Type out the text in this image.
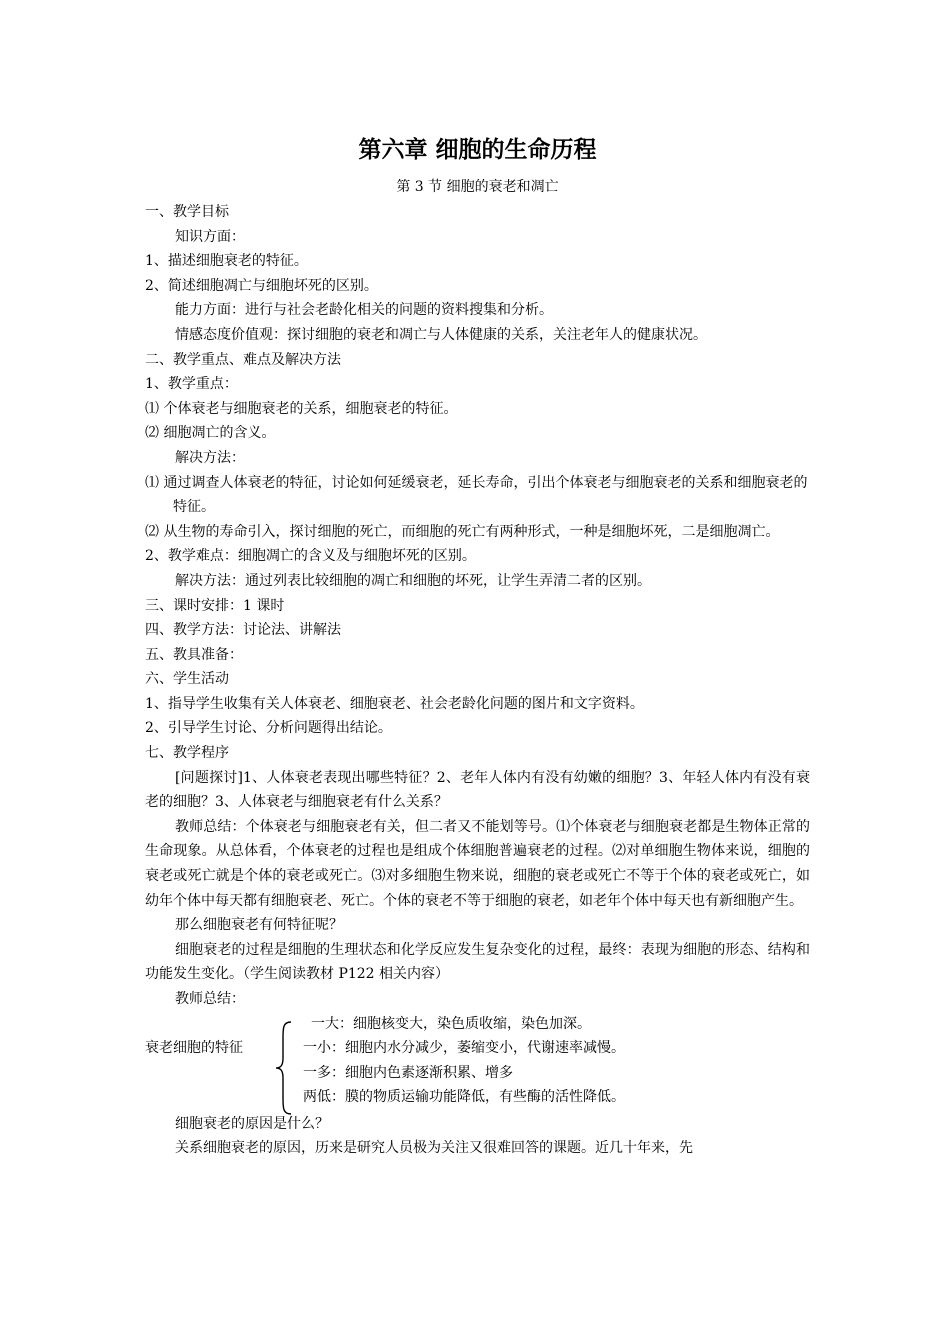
第六章 细胞的生命历程
第 3 节 细胞的衰老和凋亡
一、教学目标
知识方面：
1、描述细胞衰老的特征。
2、简述细胞凋亡与细胞坏死的区别。
能力方面：进行与社会老龄化相关的问题的资料搜集和分析。
情感态度价值观：探讨细胞的衰老和凋亡与人体健康的关系，关注老年人的健康状况。
二、教学重点、难点及解决方法
1、教学重点：
⑴ 个体衰老与细胞衰老的关系，细胞衰老的特征。
⑵ 细胞凋亡的含义。
解决方法：
⑴ 通过调查人体衰老的特征，讨论如何延缓衰老，延长寿命，引出个体衰老与细胞衰老的关系和细胞衰老的特征。
⑵ 从生物的寿命引入，探讨细胞的死亡，而细胞的死亡有两种形式，一种是细胞坏死，二是细胞凋亡。
2、教学难点：细胞凋亡的含义及与细胞坏死的区别。
解决方法：通过列表比较细胞的凋亡和细胞的坏死，让学生弄清二者的区别。
三、课时安排：1 课时
四、教学方法：讨论法、讲解法
五、教具准备：
六、学生活动
1、指导学生收集有关人体衰老、细胞衰老、社会老龄化问题的图片和文字资料。
2、引导学生讨论、分析问题得出结论。
七、教学程序
[问题探讨]1、人体衰老表现出哪些特征？2、老年人体内有没有幼嫩的细胞？3、年轻人体内有没有衰老的细胞？3、人体衰老与细胞衰老有什么关系？
教师总结：个体衰老与细胞衰老有关，但二者又不能划等号。⑴个体衰老与细胞衰老都是生物体正常的生命现象。从总体看，个体衰老的过程也是组成个体细胞普遍衰老的过程。⑵对单细胞生物体来说，细胞的衰老或死亡就是个体的衰老或死亡。⑶对多细胞生物来说，细胞的衰老或死亡不等于个体的衰老或死亡，如幼年个体中每天都有细胞衰老、死亡。个体的衰老不等于细胞的衰老，如老年个体中每天也有新细胞产生。
那么细胞衰老有何特征呢？
细胞衰老的过程是细胞的生理状态和化学反应发生复杂变化的过程，最终：表现为细胞的形态、结构和功能发生变化。（学生阅读教材 P122 相关内容）
教师总结：
衰老细胞的特征
一大：细胞核变大，染色质收缩，染色加深。
一小：细胞内水分减少，萎缩变小，代谢速率减慢。
一多：细胞内色素逐渐积累、增多
两低：膜的物质运输功能降低，有些酶的活性降低。
细胞衰老的原因是什么？
关系细胞衰老的原因，历来是研究人员极为关注又很难回答的课题。近几十年来，先
